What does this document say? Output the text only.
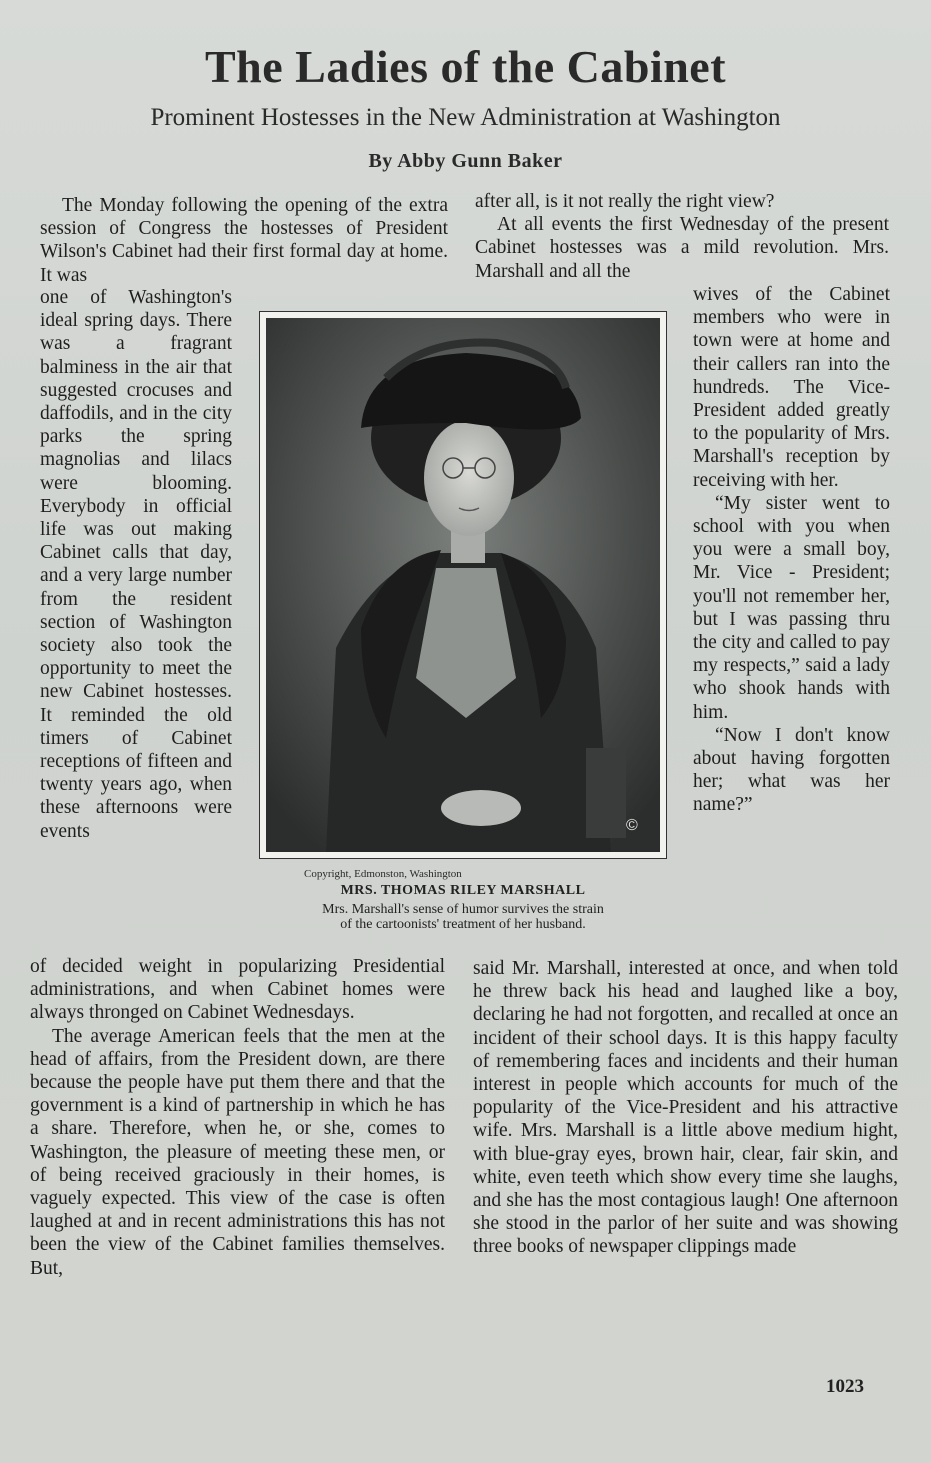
The Ladies of the Cabinet
Prominent Hostesses in the New Administration at Washington
By Abby Gunn Baker

The Monday following the opening of the extra session of Congress the hostesses of President Wilson's Cabinet had their first formal day at home. It was

one of Washington's ideal spring days. There was a fragrant balminess in the air that suggested crocuses and daffodils, and in the city parks the spring magnolias and lilacs were blooming. Everybody in official life was out making Cabinet calls that day, and a very large number from the resident section of Washington society also took the opportunity to meet the new Cabinet hostesses. It reminded the old timers of Cabinet receptions of fifteen and twenty years ago, when these afternoons were events

of decided weight in popularizing Presidential administrations, and when Cabinet homes were always thronged on Cabinet Wednesdays.

The average American feels that the men at the head of affairs, from the President down, are there because the people have put them there and that the government is a kind of partnership in which he has a share. Therefore, when he, or she, comes to Washington, the pleasure of meeting these men, or of being received graciously in their homes, is vaguely expected. This view of the case is often laughed at and in recent administrations this has not been the view of the Cabinet families themselves. But,

after all, is it not really the right view?

At all events the first Wednesday of the present Cabinet hostesses was a mild revolution. Mrs. Marshall and all the

wives of the Cabinet members who were in town were at home and their callers ran into the hundreds. The Vice-President added greatly to the popularity of Mrs. Marshall's reception by receiving with her.

“My sister went to school with you when you were a small boy, Mr. Vice - President; you'll not remember her, but I was passing thru the city and called to pay my respects,” said a lady who shook hands with him.

“Now I don't know about having forgotten her; what was her name?”

said Mr. Marshall, interested at once, and when told he threw back his head and laughed like a boy, declaring he had not forgotten, and recalled at once an incident of their school days. It is this happy faculty of remembering faces and incidents and their human interest in people which accounts for much of the popularity of the Vice-President and his attractive wife. Mrs. Marshall is a little above medium hight, with blue-gray eyes, brown hair, clear, fair skin, and white, even teeth which show every time she laughs, and she has the most contagious laugh! One afternoon she stood in the parlor of her suite and was showing three books of newspaper clippings made

©
Copyright, Edmonston, Washington
MRS. THOMAS RILEY MARSHALL
Mrs. Marshall's sense of humor survives the strain
of the cartoonists' treatment of her husband.
1023
